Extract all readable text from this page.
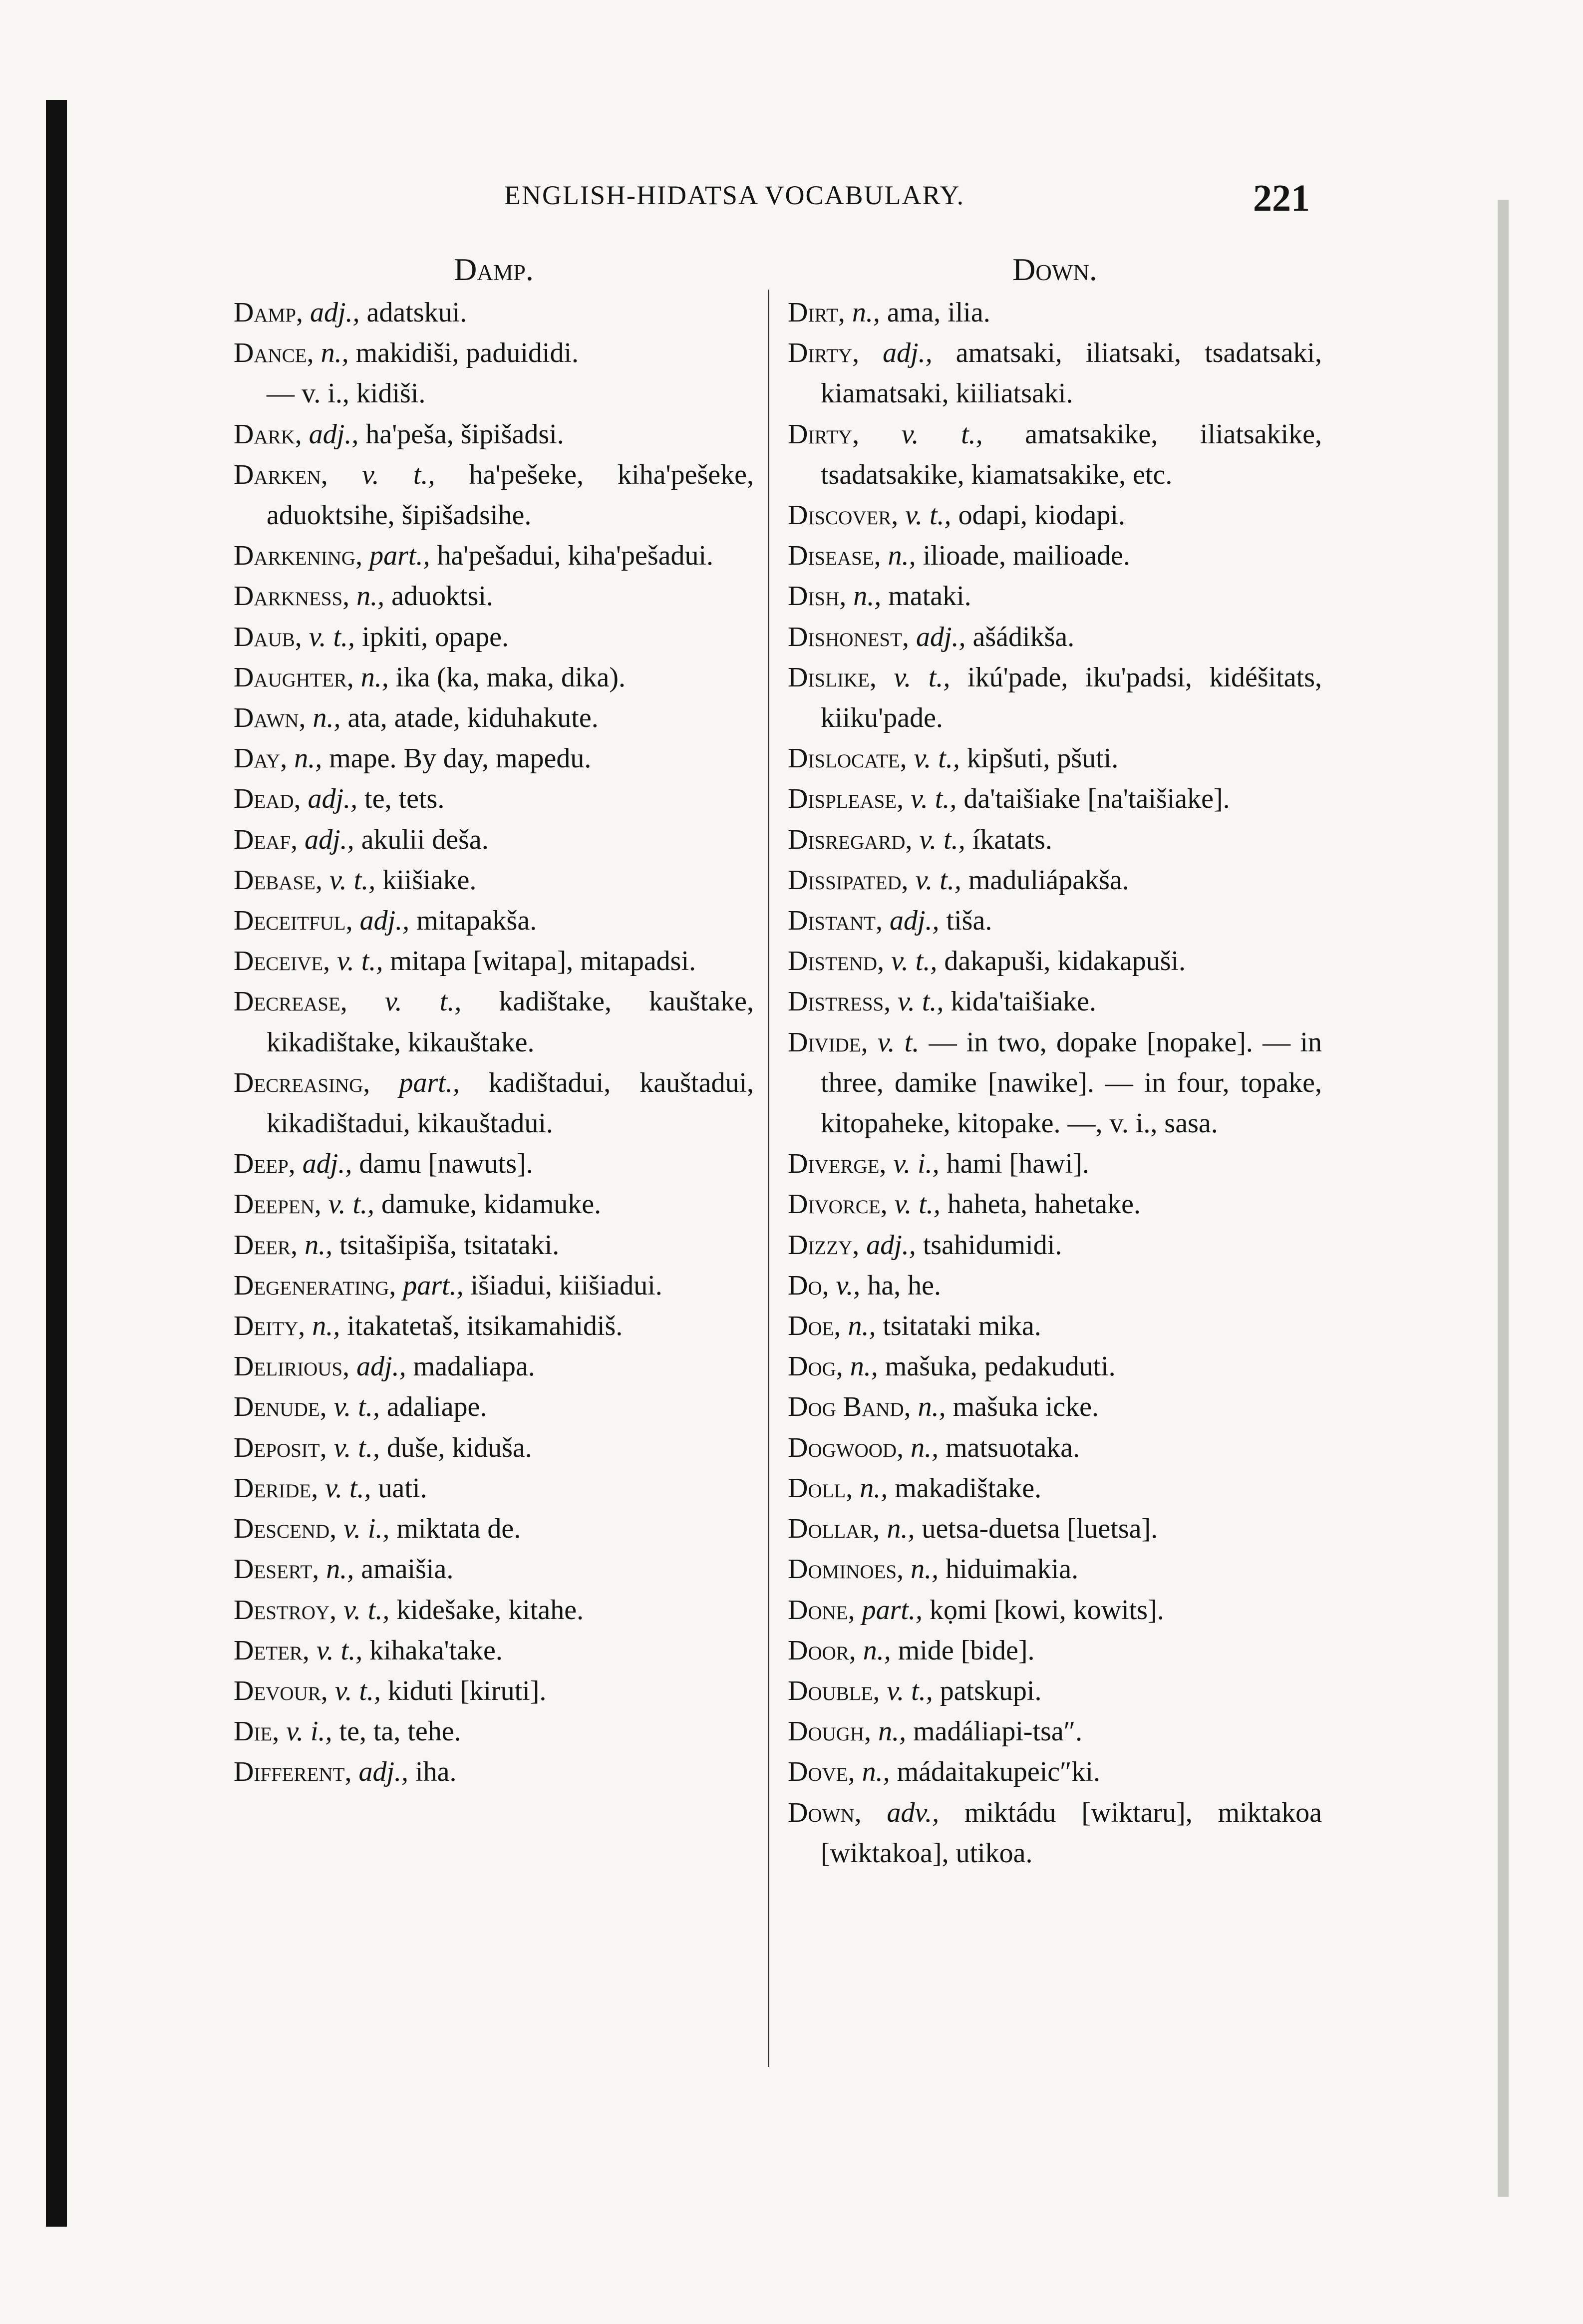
ENGLISH-HIDATSA VOCABULARY.	221
Damp.
Damp, adj., adatskui.
Dance, n., makidiši, paduididi.
— v. i., kidiši.
Dark, adj., ha'peša, šipišadsi.
Darken, v. t., ha'pešeke, kiha'pešeke, aduoktsihe, šipišadsihe.
Darkening, part., ha'pešadui, kiha'pešadui.
Darkness, n., aduoktsi.
Daub, v. t., ipkiti, opape.
Daughter, n., ika (ka, maka, dika).
Dawn, n., ata, atade, kiduhakute.
Day, n., mape. By day, mapedu.
Dead, adj., te, tets.
Deaf, adj., akulii deša.
Debase, v. t., kiišiake.
Deceitful, adj., mitapakša.
Deceive, v. t., mitapa [witapa], mitapadsi.
Decrease, v. t., kadištake, kauštake, kikadištake, kikauštake.
Decreasing, part., kadištadui, kauštadui, kikadištadui, kikauštadui.
Deep, adj., damu [nawuts].
Deepen, v. t., damuke, kidamuke.
Deer, n., tsitašipiša, tsitataki.
Degenerating, part., išiadui, kiišiadui.
Deity, n., itakatetaš, itsikamahidiš.
Delirious, adj., madaliapa.
Denude, v. t., adaliape.
Deposit, v. t., duše, kiduša.
Deride, v. t., uati.
Descend, v. i., miktata de.
Desert, n., amaišia.
Destroy, v. t., kidešake, kitahe.
Deter, v. t., kihaka'take.
Devour, v. t., kiduti [kiruti].
Die, v. i., te, ta, tehe.
Different, adj., iha.
Down.
Dirt, n., ama, ilia.
Dirty, adj., amatsaki, iliatsaki, tsadatsaki, kiamatsaki, kiiliatsaki.
Dirty, v. t., amatsakike, iliatsakike, tsadatsakike, kiamatsakike, etc.
Discover, v. t., odapi, kiodapi.
Disease, n., ilioade, mailioade.
Dish, n., mataki.
Dishonest, adj., ašádikša.
Dislike, v. t., ikú'pade, iku'padsi, kidéšitats, kiiku'pade.
Dislocate, v. t., kipšuti, pšuti.
Displease, v. t., da'taišiake [na'taišiake].
Disregard, v. t., íkatats.
Dissipated, v. t., maduliápakša.
Distant, adj., tiša.
Distend, v. t., dakapuši, kidakapuši.
Distress, v. t., kida'taišiake.
Divide, v. t. — in two, dopake [nopake]. — in three, damike [nawike]. — in four, topake, kitopaheke, kitopake. —, v. i., sasa.
Diverge, v. i., hami [hawi].
Divorce, v. t., haheta, hahetake.
Dizzy, adj., tsahidumidi.
Do, v., ha, he.
Doe, n., tsitataki mika.
Dog, n., mašuka, pedakuduti.
Dog Band, n., mašuka icke.
Dogwood, n., matsuotaka.
Doll, n., makadištake.
Dollar, n., uetsa-duetsa [luetsa].
Dominoes, n., hiduimakia.
Done, part., kọmi [kowi, kowits].
Door, n., mide [bide].
Double, v. t., patskupi.
Dough, n., madáliapi-tsa″.
Dove, n., mádaitakupeic″ki.
Down, adv., miktádu [wiktaru], miktakoa [wiktakoa], utikoa.
